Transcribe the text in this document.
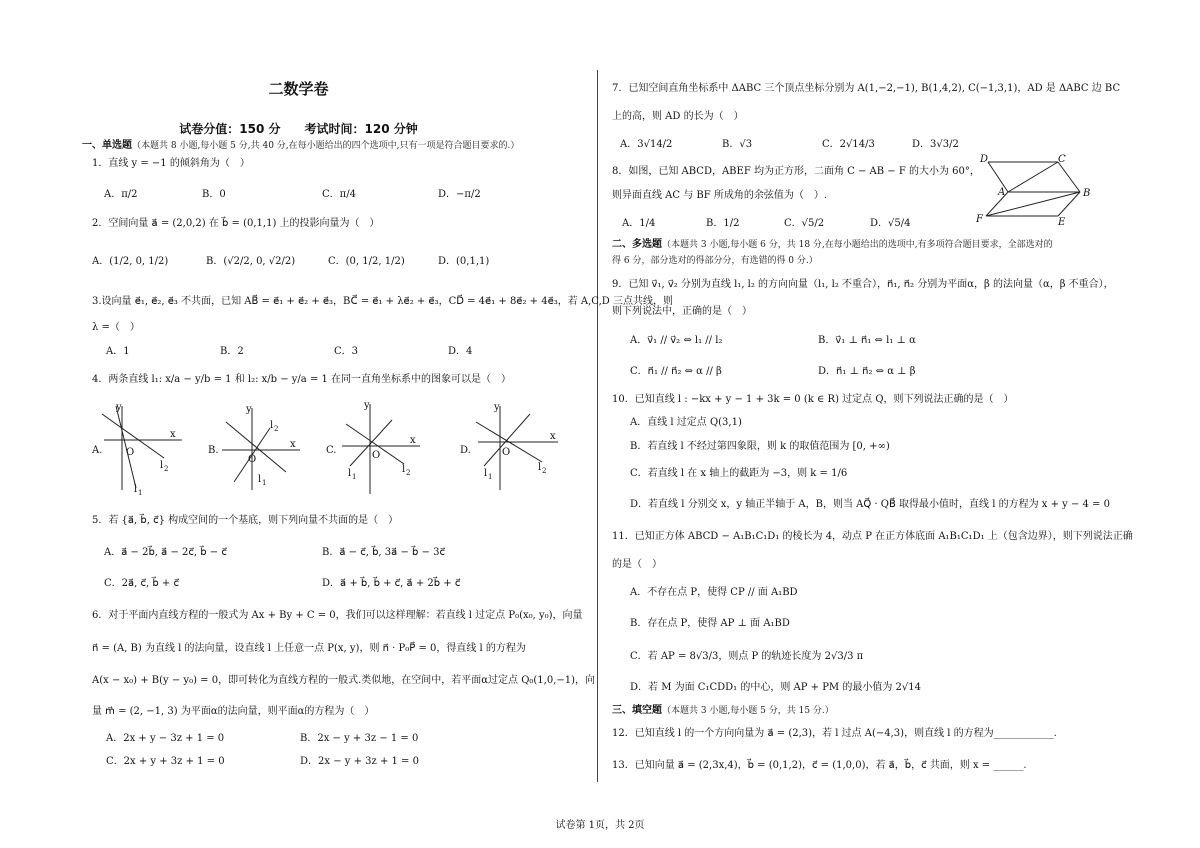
二数学卷
试卷分值：150 分　　考试时间：120 分钟
一、单选题（本题共 8 小题,每小题 5 分,共 40 分,在每小题给出的四个选项中,只有一项是符合题目要求的.）
1．直线 y = −1 的倾斜角为（　）
A．π/2	B．0	C．π/4	D．−π/2
2．空间向量 a⃗ = (2,0,2) 在 b⃗ = (0,1,1) 上的投影向量为（　）
A．(1/2, 0, 1/2)	B．(√2/2, 0, √2/2)	C．(0, 1/2, 1/2)	D．(0,1,1)
3.设向量 e⃗₁, e⃗₂, e⃗₃ 不共面，已知 AB⃗ = e⃗₁ + e⃗₂ + e⃗₃，BC⃗ = e⃗₁ + λe⃗₂ + e⃗₃，CD⃗ = 4e⃗₁ + 8e⃗₂ + 4e⃗₃，若 A,C,D 三点共线，则
λ =（　）
A．1	B．2	C．3	D．4
4．两条直线 l₁: x/a − y/b = 1 和 l₂: x/b − y/a = 1 在同一直角坐标系中的图象可以是（　）
A.	B.	C.	D.
y
x
O
l 2
l 1
y
x
O
l 2
l 1
y
x
O
l 2
l 1
y
x
O
l 2
l 1
5．若 {a⃗, b⃗, c⃗} 构成空间的一个基底，则下列向量不共面的是（　）
A．a⃗ − 2b⃗, a⃗ − 2c⃗, b⃗ − c⃗	B．a⃗ − c⃗, b⃗, 3a⃗ − b⃗ − 3c⃗
C．2a⃗, c⃗, b⃗ + c⃗	D．a⃗ + b⃗, b⃗ + c⃗, a⃗ + 2b⃗ + c⃗
6．对于平面内直线方程的一般式为 Ax + By + C = 0，我们可以这样理解：若直线 l 过定点 P₀(x₀, y₀)，向量
n⃗ = (A, B) 为直线 l 的法向量，设直线 l 上任意一点 P(x, y)，则 n⃗ · P₀P⃗ = 0，得直线 l 的方程为
A(x − x₀) + B(y − y₀) = 0，即可转化为直线方程的一般式.类似地，在空间中，若平面α过定点 Q₀(1,0,−1)，向
量 m⃗ = (2, −1, 3) 为平面α的法向量，则平面α的方程为（　）
A．2x + y − 3z + 1 = 0	B．2x − y + 3z − 1 = 0
C．2x + y + 3z + 1 = 0	D．2x − y + 3z + 1 = 0
7．已知空间直角坐标系中 ΔABC 三个顶点坐标分别为 A(1,−2,−1), B(1,4,2), C(−1,3,1)，AD 是 ΔABC 边 BC
上的高，则 AD 的长为（　）
A．3√14/2	B．√3	C．2√14/3	D．3√3/2
8．如图，已知 ABCD，ABEF 均为正方形，二面角 C − AB − F 的大小为 60°，
则异面直线 AC 与 BF 所成角的余弦值为（　）.
A．1/4	B．1/2	C．√5/2	D．√5/4
D	C
A	B
F	E
二、多选题（本题共 3 小题,每小题 6 分，共 18 分,在每小题给出的选项中,有多项符合题目要求，全部选对的
得 6 分，部分选对的得部分分，有选错的得 0 分.）
9．已知 v⃗₁, v⃗₂ 分别为直线 l₁, l₂ 的方向向量（l₁, l₂ 不重合），n⃗₁, n⃗₂ 分别为平面α，β 的法向量（α，β 不重合），
则下列说法中，正确的是（　）
A．v⃗₁ // v⃗₂ ⇔ l₁ // l₂	B．v⃗₁ ⊥ n⃗₁ ⇔ l₁ ⊥ α
C．n⃗₁ // n⃗₂ ⇔ α // β	D．n⃗₁ ⊥ n⃗₂ ⇔ α ⊥ β
10．已知直线 l : −kx + y − 1 + 3k = 0 (k ∈ R) 过定点 Q，则下列说法正确的是（　）
A．直线 l 过定点 Q(3,1)
B．若直线 l 不经过第四象限，则 k 的取值范围为 [0, +∞)
C．若直线 l 在 x 轴上的截距为 −3，则 k = 1/6
D．若直线 l 分别交 x，y 轴正半轴于 A，B，则当 AQ⃗ · QB⃗ 取得最小值时，直线 l 的方程为 x + y − 4 = 0
11．已知正方体 ABCD − A₁B₁C₁D₁ 的棱长为 4，动点 P 在正方体底面 A₁B₁C₁D₁ 上（包含边界），则下列说法正确
的是（　）
A．不存在点 P，使得 CP // 面 A₁BD
B．存在点 P，使得 AP ⊥ 面 A₁BD
C．若 AP = 8√3/3，则点 P 的轨迹长度为 2√3/3 π
D．若 M 为面 C₁CDD₁ 的中心，则 AP + PM 的最小值为 2√14
三、填空题（本题共 3 小题,每小题 5 分，共 15 分.）
12．已知直线 l 的一个方向向量为 a⃗ = (2,3)，若 l 过点 A(−4,3)，则直线 l 的方程为____________.
13．已知向量 a⃗ = (2,3x,4)，b⃗ = (0,1,2)，c⃗ = (1,0,0)，若 a⃗，b⃗，c⃗ 共面，则 x = ______.
试卷第 1页，共 2页
